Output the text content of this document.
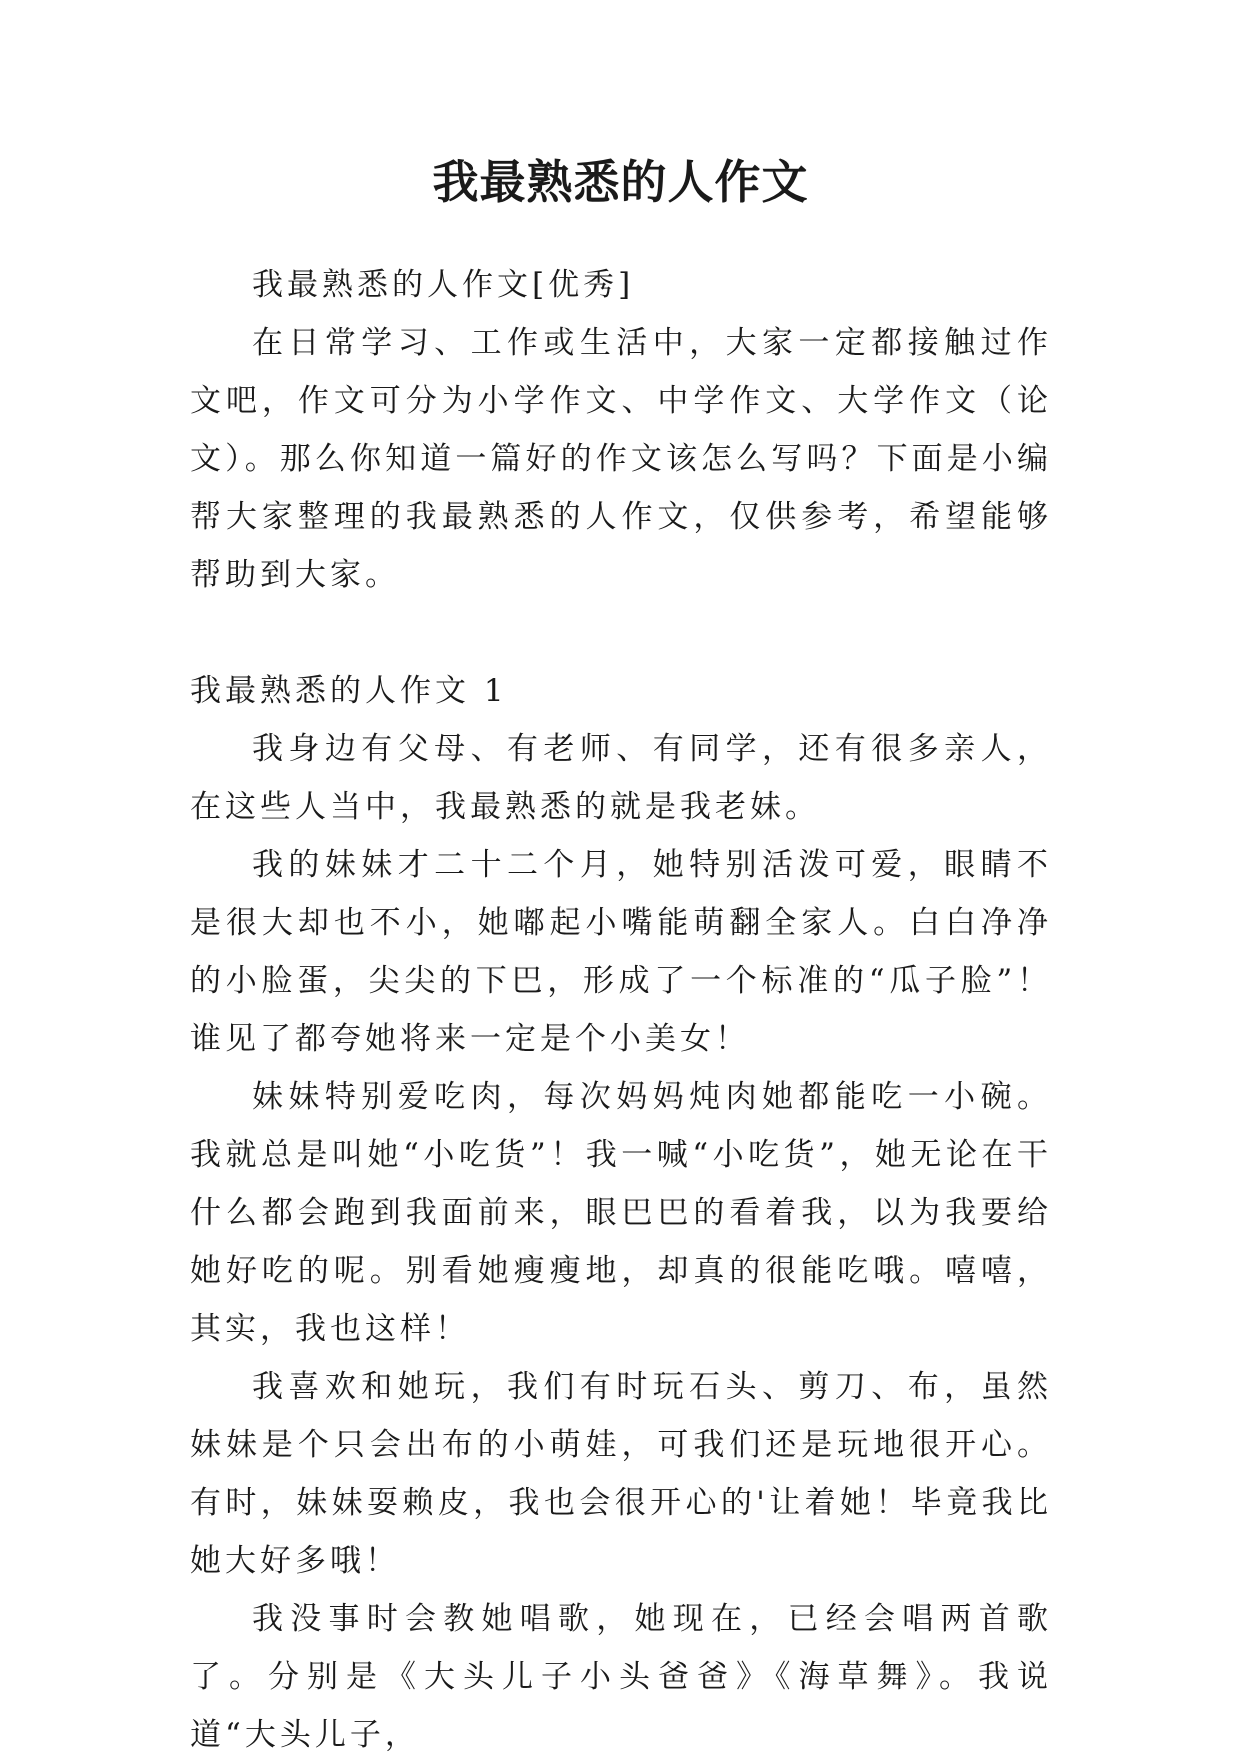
我最熟悉的人作文

我最熟悉的人作文[优秀]

在日常学习、工作或生活中，大家一定都接触过作文吧，作文可分为小学作文、中学作文、大学作文（论文）。那么你知道一篇好的作文该怎么写吗？下面是小编帮大家整理的我最熟悉的人作文，仅供参考，希望能够帮助到大家。

我最熟悉的人作文 1

我身边有父母、有老师、有同学，还有很多亲人，在这些人当中，我最熟悉的就是我老妹。

我的妹妹才二十二个月，她特别活泼可爱，眼睛不是很大却也不小，她嘟起小嘴能萌翻全家人。白白净净的小脸蛋，尖尖的下巴，形成了一个标准的“瓜子脸”！谁见了都夸她将来一定是个小美女！

妹妹特别爱吃肉，每次妈妈炖肉她都能吃一小碗。我就总是叫她“小吃货”！我一喊“小吃货”，她无论在干什么都会跑到我面前来，眼巴巴的看着我，以为我要给她好吃的呢。别看她瘦瘦地，却真的很能吃哦。嘻嘻，其实，我也这样！

我喜欢和她玩，我们有时玩石头、剪刀、布，虽然妹妹是个只会出布的小萌娃，可我们还是玩地很开心。有时，妹妹耍赖皮，我也会很开心的'让着她！毕竟我比她大好多哦！

我没事时会教她唱歌，她现在，已经会唱两首歌了。分别是《大头儿子小头爸爸》《海草舞》。我说道“大头儿子，
